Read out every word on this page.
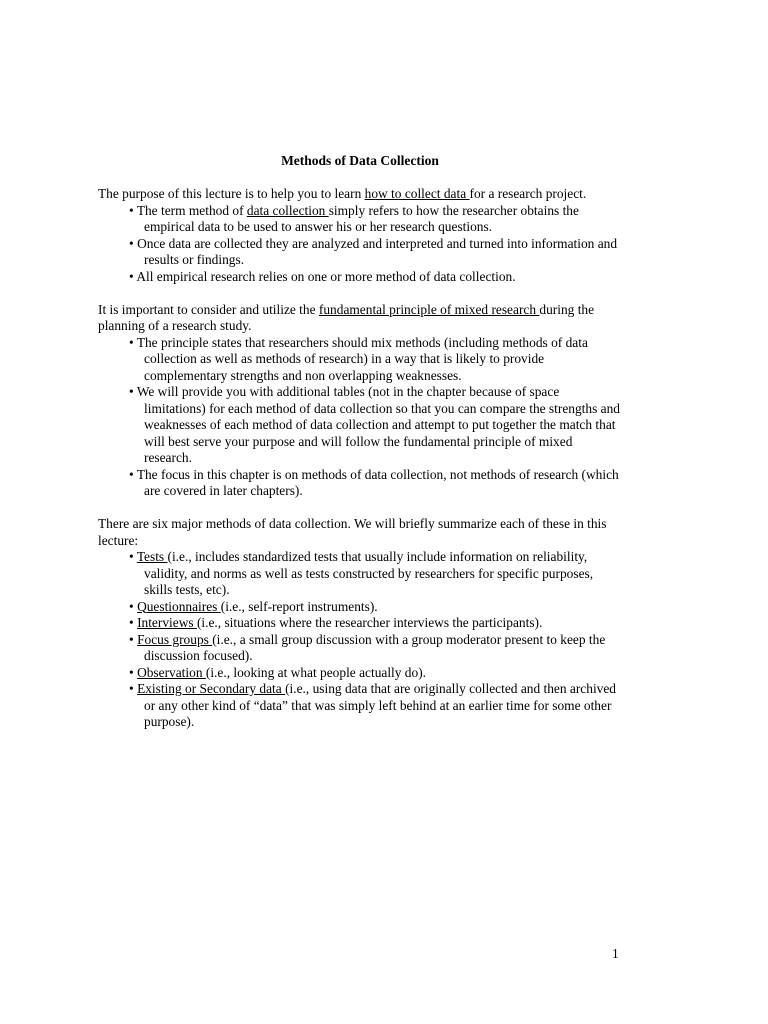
Methods of Data Collection

The purpose of this lecture is to help you to learn how to collect data for a research project.

• The term method of data collection simply refers to how the researcher obtains the empirical data to be used to answer his or her research questions.
• Once data are collected they are analyzed and interpreted and turned into information and results or findings.
• All empirical research relies on one or more method of data collection.

It is important to consider and utilize the fundamental principle of mixed research during the planning of a research study.

• The principle states that researchers should mix methods (including methods of data collection as well as methods of research) in a way that is likely to provide complementary strengths and non overlapping weaknesses.
• We will provide you with additional tables (not in the chapter because of space limitations) for each method of data collection so that you can compare the strengths and weaknesses of each method of data collection and attempt to put together the match that will best serve your purpose and will follow the fundamental principle of mixed research.
• The focus in this chapter is on methods of data collection, not methods of research (which are covered in later chapters).

There are six major methods of data collection. We will briefly summarize each of these in this lecture:

• Tests (i.e., includes standardized tests that usually include information on reliability, validity, and norms as well as tests constructed by researchers for specific purposes, skills tests, etc).
• Questionnaires (i.e., self-report instruments).
• Interviews (i.e., situations where the researcher interviews the participants).
• Focus groups (i.e., a small group discussion with a group moderator present to keep the discussion focused).
• Observation (i.e., looking at what people actually do).
• Existing or Secondary data (i.e., using data that are originally collected and then archived or any other kind of “data” that was simply left behind at an earlier time for some other purpose).
1
